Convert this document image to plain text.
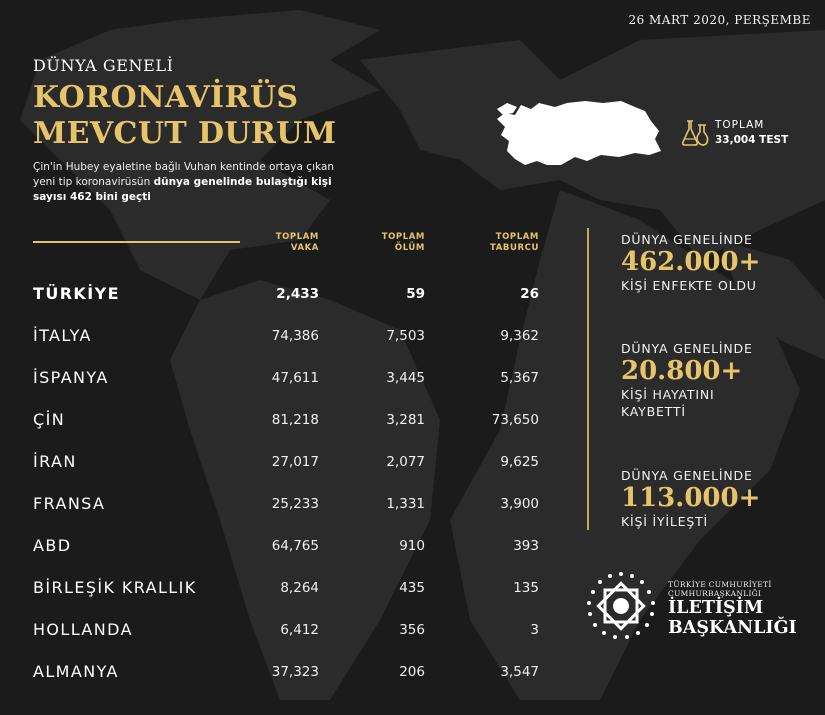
26 MART 2020, PERŞEMBE
DÜNYA GENELİ
KORONAVİRÜS
MEVCUT DURUM
Çin'in Hubey eyaletine bağlı Vuhan kentinde ortaya çıkan yeni tip koronavirüsün dünya genelinde bulaştığı kişi sayısı 462 bini geçti
TOPLAM
33,004 TEST
TOPLAM
VAKA
TOPLAM
ÖLÜM
TOPLAM
TABURCU
TÜRKİYE	2,433	59	26
İTALYA	74,386	7,503	9,362
İSPANYA	47,611	3,445	5,367
ÇİN	81,218	3,281	73,650
İRAN	27,017	2,077	9,625
FRANSA	25,233	1,331	3,900
ABD	64,765	910	393
BİRLEŞİK KRALLIK	8,264	435	135
HOLLANDA	6,412	356	3
ALMANYA	37,323	206	3,547
DÜNYA GENELİNDE
462.000+
KİŞİ ENFEKTE OLDU
DÜNYA GENELİNDE
20.800+
KİŞİ HAYATINI
KAYBETTİ
DÜNYA GENELİNDE
113.000+
KİŞİ İYİLEŞTİ
TÜRKİYE CUMHURİYETİ
CUMHURBAŞKANLIĞI
İLETİŞİM
BAŞKANLIĞI
